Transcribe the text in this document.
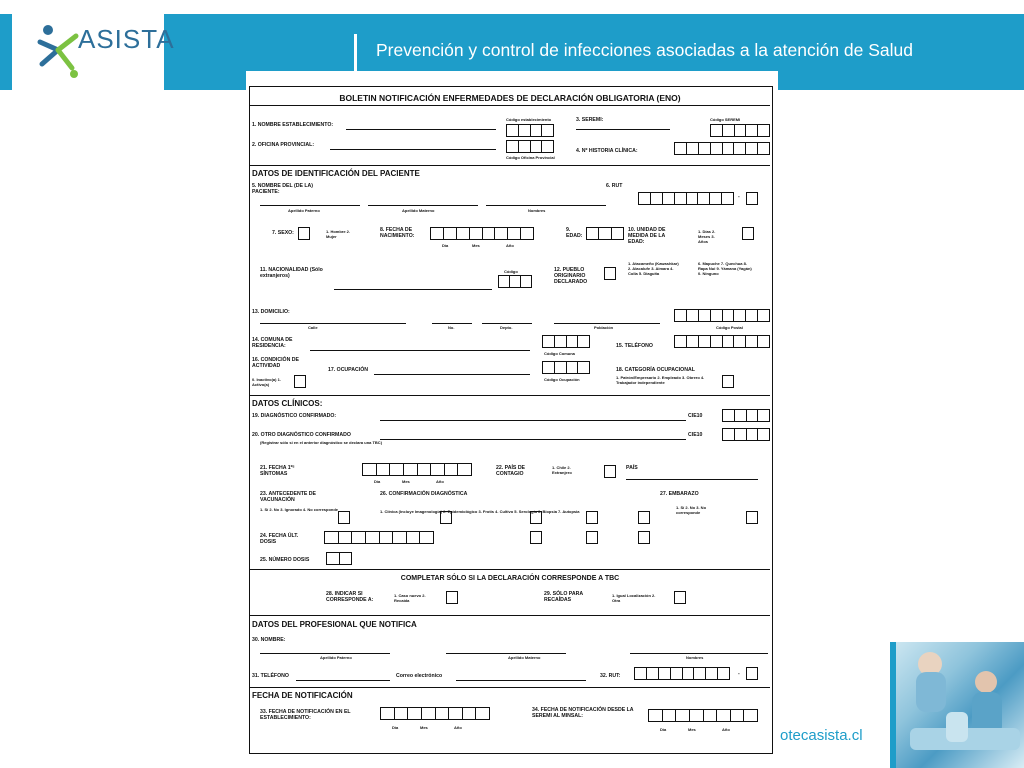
ASISTA	Prevención y control de infecciones asociadas a la atención de Salud
BOLETIN NOTIFICACIÓN ENFERMEDADES DE DECLARACIÓN OBLIGATORIA (ENO)
1. NOMBRE ESTABLECIMIENTO:
Código establecimiento	3. SEREMI:	Código SEREMI
2. OFICINA PROVINCIAL:
Código Oficina Provincial
4. Nº HISTORIA CLÍNICA:
DATOS DE IDENTIFICACIÓN DEL PACIENTE
5. NOMBRE DEL (DE LA) PACIENTE:
6. RUT
-
Apellido Paterno	Apellido Materno	Nombres
7. SEXO:	1. Hombre 2. Mujer
8. FECHA DE NACIMIENTO:
Día	Mes	Año
9. EDAD:
10. UNIDAD DE MEDIDA DE LA EDAD:
1. Días 2. Meses 3. Años
11. NACIONALIDAD (Sólo extranjeros)
Código	12. PUEBLO ORIGINARIO DECLARADO
1. Atacameño (Kawashkar) 2. Alacalufe 3. Aimara 4. Colla 5. Diaguita
6. Mapuche 7. Quechua 8. Rapa Nui 9. Yámana (Yagán) 0. Ninguno
13. DOMICILIO:
Calle	No.	Depto.	Población	Código Postal
14. COMUNA DE RESIDENCIA:
Código Comuna
15. TELÉFONO
16. CONDICIÓN DE ACTIVIDAD
0. Inactivo(a) 1. Activo(a)
17. OCUPACIÓN
Código Ocupación
18. CATEGORÍA OCUPACIONAL
1. Patrón/Empresario 2. Empleado 3. Obrero 4. Trabajador independiente
DATOS CLÍNICOS:
19. DIAGNÓSTICO CONFIRMADO:	CIE10
20. OTRO DIAGNÓSTICO CONFIRMADO
(Registrar sólo si en el anterior diagnóstico se declara una TBC)
CIE10
21. FECHA 1ºˢ SÍNTOMAS
Día	Mes	Año
22. PAÍS DE CONTAGIO
1. Chile 2. Extranjero
PAÍS
23. ANTECEDENTE DE VACUNACIÓN
1. Sí 2. No 3. Ignorado 4. No corresponde
26. CONFIRMACIÓN DIAGNÓSTICA
1. Clínica (Incluye Imagenología) 2. Epidemiológico 3. Frotis 4. Cultivo 5. Serología 6. Biopsia 7. Autopsia
27. EMBARAZO
1. Sí 2. No 3. No corresponde
24. FECHA ÚLT. DOSIS
25. NÚMERO DOSIS
COMPLETAR SÓLO SI LA DECLARACIÓN CORRESPONDE A TBC
28. INDICAR SI CORRESPONDE A:
1. Caso nuevo 2. Recaída
29. SÓLO PARA RECAÍDAS
1. Igual Localización 2. Otra
DATOS DEL PROFESIONAL QUE NOTIFICA
30. NOMBRE:
Apellido Paterno	Apellido Materno	Nombres
31. TELÉFONO	Correo electrónico	32. RUT:	-
FECHA DE NOTIFICACIÓN
33. FECHA DE NOTIFICACIÓN EN EL ESTABLECIMIENTO:
Día	Mes	Año
34. FECHA DE NOTIFICACIÓN DESDE LA SEREMI AL MINSAL:
Día	Mes	Año	otecasista.cl
